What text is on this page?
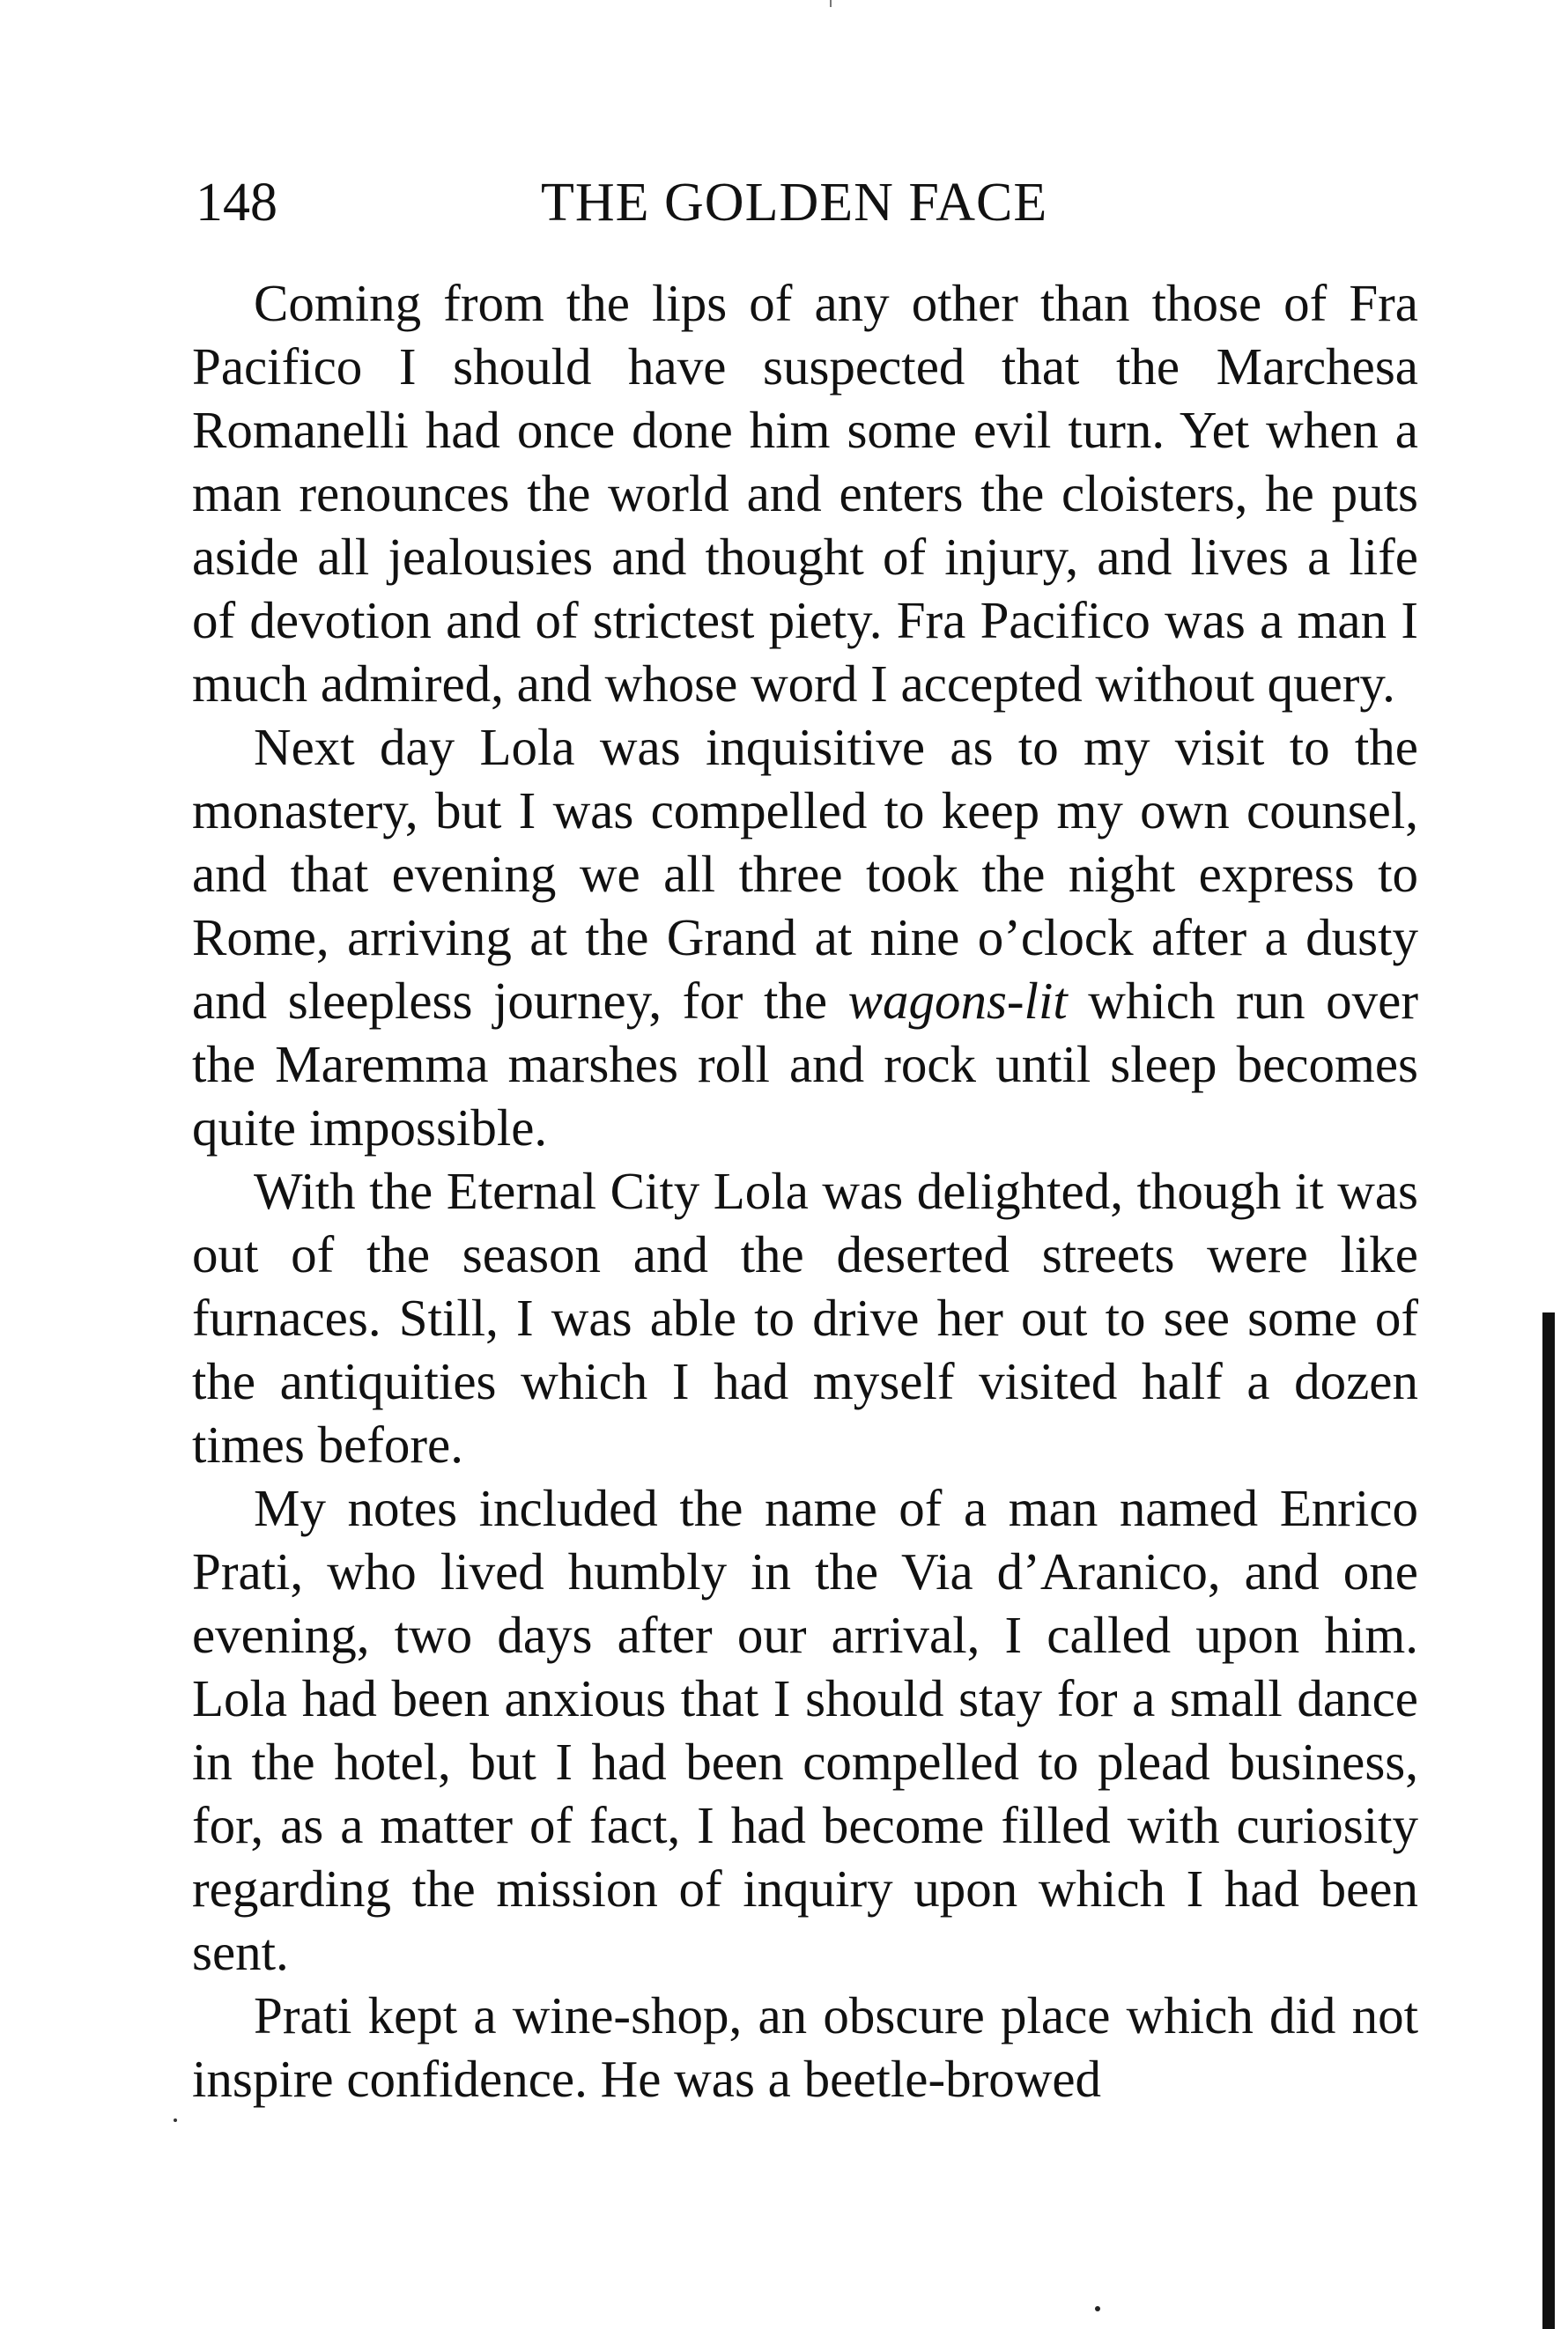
148	THE GOLDEN FACE

Coming from the lips of any other than those of Fra Pacifico I should have suspected that the Marchesa Romanelli had once done him some evil turn. Yet when a man renounces the world and enters the cloisters, he puts aside all jealousies and thought of injury, and lives a life of devotion and of strictest piety. Fra Pacifico was a man I much admired, and whose word I accepted without query.

Next day Lola was inquisitive as to my visit to the monastery, but I was compelled to keep my own counsel, and that evening we all three took the night express to Rome, arriving at the Grand at nine o’clock after a dusty and sleepless journey, for the wagons-lit which run over the Maremma marshes roll and rock until sleep becomes quite impossible.

With the Eternal City Lola was delighted, though it was out of the season and the deserted streets were like furnaces. Still, I was able to drive her out to see some of the antiquities which I had myself visited half a dozen times before.

My notes included the name of a man named Enrico Prati, who lived humbly in the Via d’Aranico, and one evening, two days after our arrival, I called upon him. Lola had been anxious that I should stay for a small dance in the hotel, but I had been compelled to plead business, for, as a matter of fact, I had become filled with curiosity regarding the mission of inquiry upon which I had been sent.

Prati kept a wine-shop, an obscure place which did not inspire confidence. He was a beetle-browed
